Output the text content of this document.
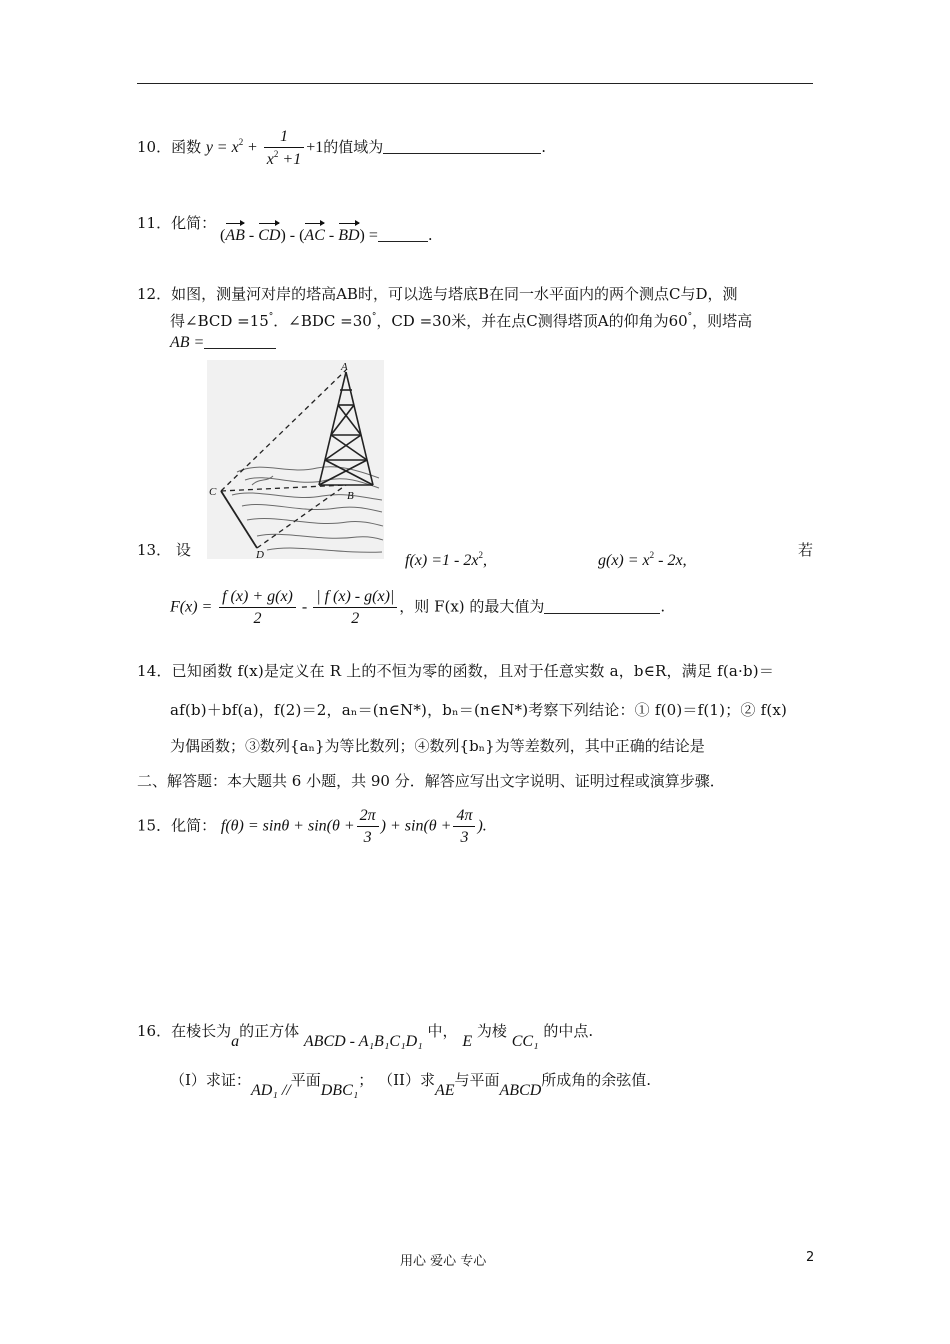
10．函数 $y = x^2 + \frac{1}{x^2 +1} +1$的值域为	.
11．化简：
(AB - CD) - (AC - BD) =	.
12．如图，测量河对岸的塔高AB时，可以选与塔底B在同一水平面内的两个测点C与D，测
得∠BCD =15°．∠BDC =30°，CD =30米，并在点C测得塔顶A的仰角为60°，则塔高
AB =
A
B
C
D
13． 设
$f(x) =1 - 2x^2$,	$g(x) = x^2 - 2x$,
若
$F(x) = \frac{f (x) + g(x)}{2} - \frac{| f (x) - g(x)|}{2}$ ，则 F(x) 的最大值为	.
14．已知函数 f(x)是定义在 R 上的不恒为零的函数，且对于任意实数 a，b∈R，满足 f(a·b)＝
af(b)＋bf(a)，f(2)＝2，aₙ＝(n∈N*)，bₙ＝(n∈N*)考察下列结论：① f(0)＝f(1)；② f(x)
为偶函数；③数列{aₙ}为等比数列；④数列{bₙ}为等差数列，其中正确的结论是
二、解答题：本大题共 6 小题，共 90 分．解答应写出文字说明、证明过程或演算步骤．
15．化简： $f(\theta) = \sin\theta + \sin(\theta + \frac{2\pi}{3}$ ) + $\sin(\theta + \frac{4\pi}{3}$ ).
16．在棱长为a的正方体 ABCD - A₁B₁C₁D₁ 中， E 为棱 CC₁ 的中点.
（I）求证：AD₁ //平面DBC₁； （II）求AE与平面ABCD所成角的余弦值.
用心 爱心 专心	2
